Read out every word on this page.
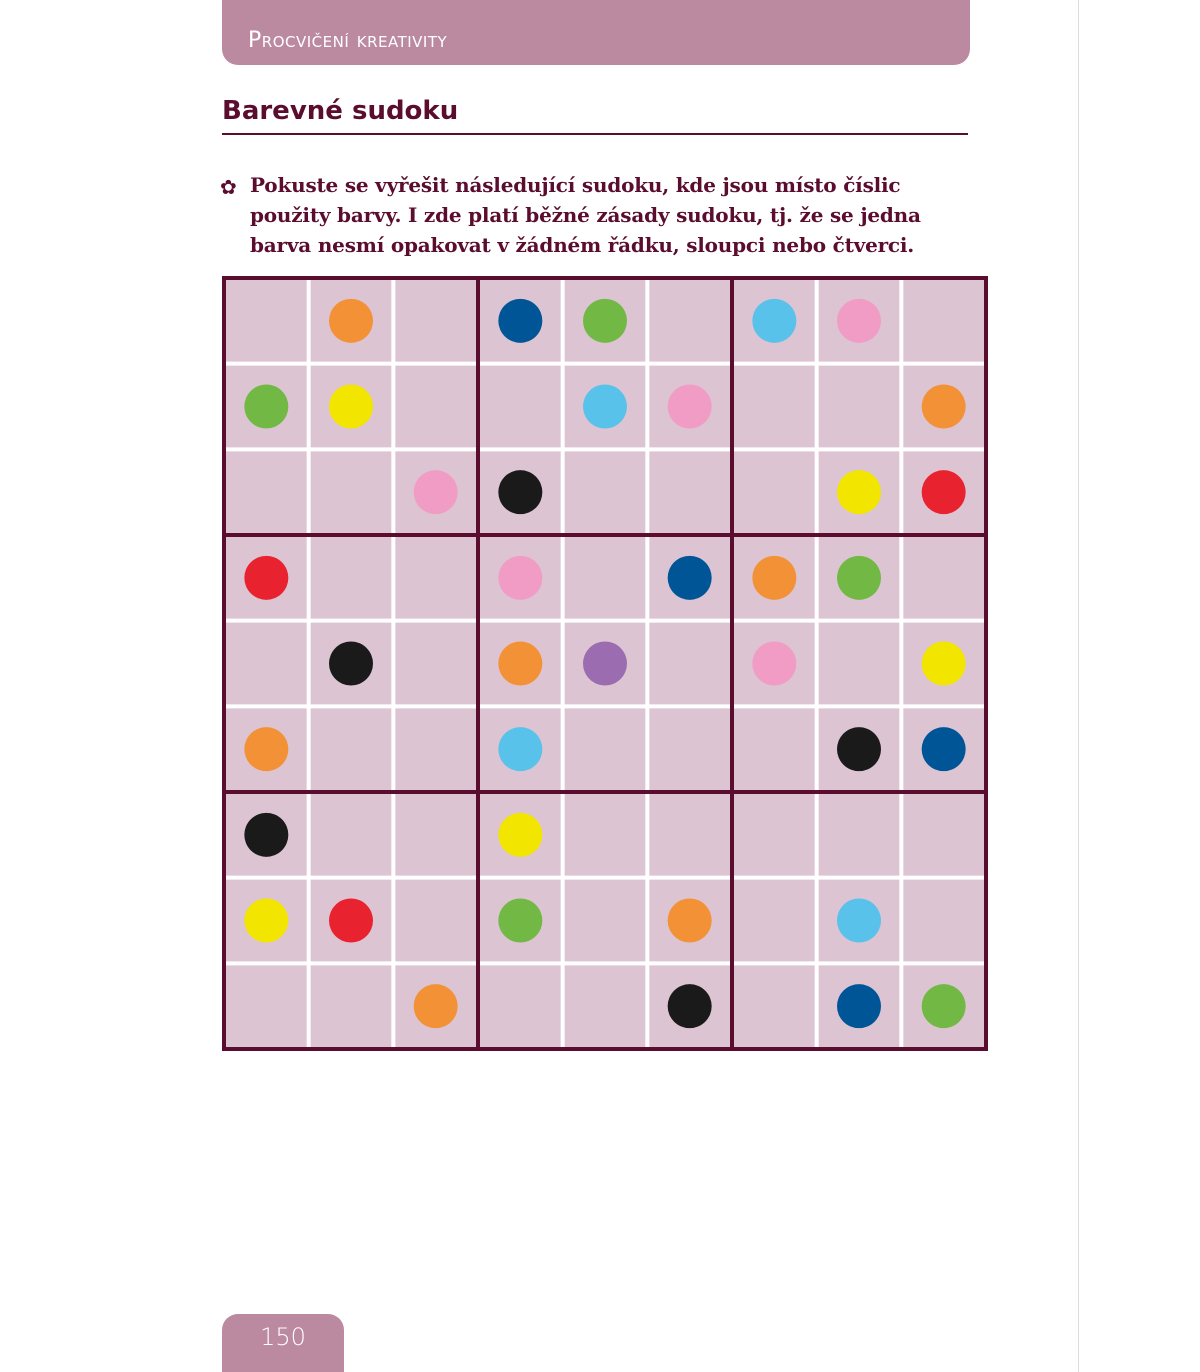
Procvičení kreativity
Barevné sudoku
✿ Pokuste se vyřešit následující sudoku, kde jsou místo číslic použity barvy. I zde platí běžné zásady sudoku, tj. že se jedna barva nesmí opakovat v žádném řádku, sloupci nebo čtverci.

150
